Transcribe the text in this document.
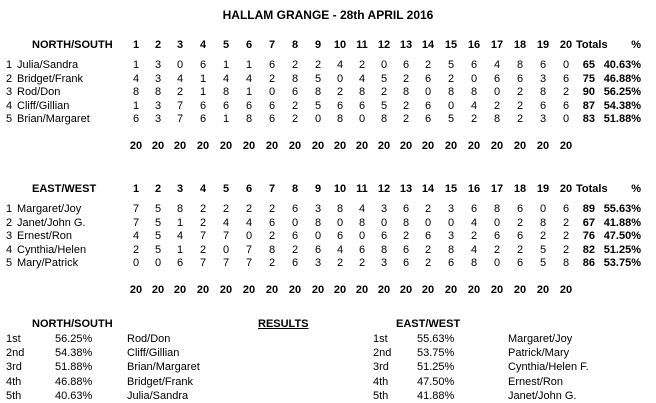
HALLAM GRANGE - 28th APRIL 2016
NORTH/SOUTH	1	2	3	4	5	6	7	8	9	10 11 12 13 14 15 16 17 18 19 20 Totals	%
1 Julia/Sandra	1	3	0	6	1	1	6	2	2	4	2	0	6	2	5	6	4	8	6	0	65 40.63%
2 Bridget/Frank	4	3	4	1	4	4	2	8	5	0	4	5	2	6	2	0	6	6	3	6	75 46.88%
3 Rod/Don	8	8	2	1	8	1	0	6	8	2	8	2	8	0	8	8	0	2	8	2	90 56.25%
4 Cliff/Gillian	1	3	7	6	6	6	6	2	5	6	6	5	2	6	0	4	2	2	6	6	87 54.38%
5 Brian/Margaret	6	3	7	6	1	8	6	2	0	8	0	8	2	6	5	2	8	2	3	0	83 51.88%
20 20 20 20 20 20 20 20 20 20 20 20 20 20 20 20 20 20 20 20
EAST/WEST	1	2	3	4	5	6	7	8	9	10 11 12 13 14 15 16 17 18 19 20 Totals	%
1 Margaret/Joy	7	5	8	2	2	2	2	6	3	8	4	3	6	2	3	6	8	6	0	6	89 55.63%
2 Janet/John G.	7	5	1	2	4	4	6	0	8	0	8	0	8	0	0	4	0	2	8	2	67 41.88%
3 Ernest/Ron	4	5	4	7	7	0	2	6	0	6	0	6	2	6	3	2	6	6	2	2	76 47.50%
4 Cynthia/Helen	2	5	1	2	0	7	8	2	6	4	6	8	6	2	8	4	2	2	5	2	82 51.25%
5 Mary/Patrick	0	0	6	7	7	7	2	6	3	2	2	3	6	2	6	8	0	6	5	8	86 53.75%
20 20 20 20 20 20 20 20 20 20 20 20 20 20 20 20 20 20 20 20
NORTH/SOUTH	RESULTS	EAST/WEST
1st	56.25%	Rod/Don
2nd	54.38%	Cliff/Gillian
3rd	51.88%	Brian/Margaret
4th	46.88%	Bridget/Frank
5th	40.63%	Julia/Sandra
1st	55.63%	Margaret/Joy
2nd 53.75%	Patrick/Mary
3rd	51.25%	Cynthia/Helen F.
4th	47.50%	Ernest/Ron
5th	41.88%	Janet/John G.
